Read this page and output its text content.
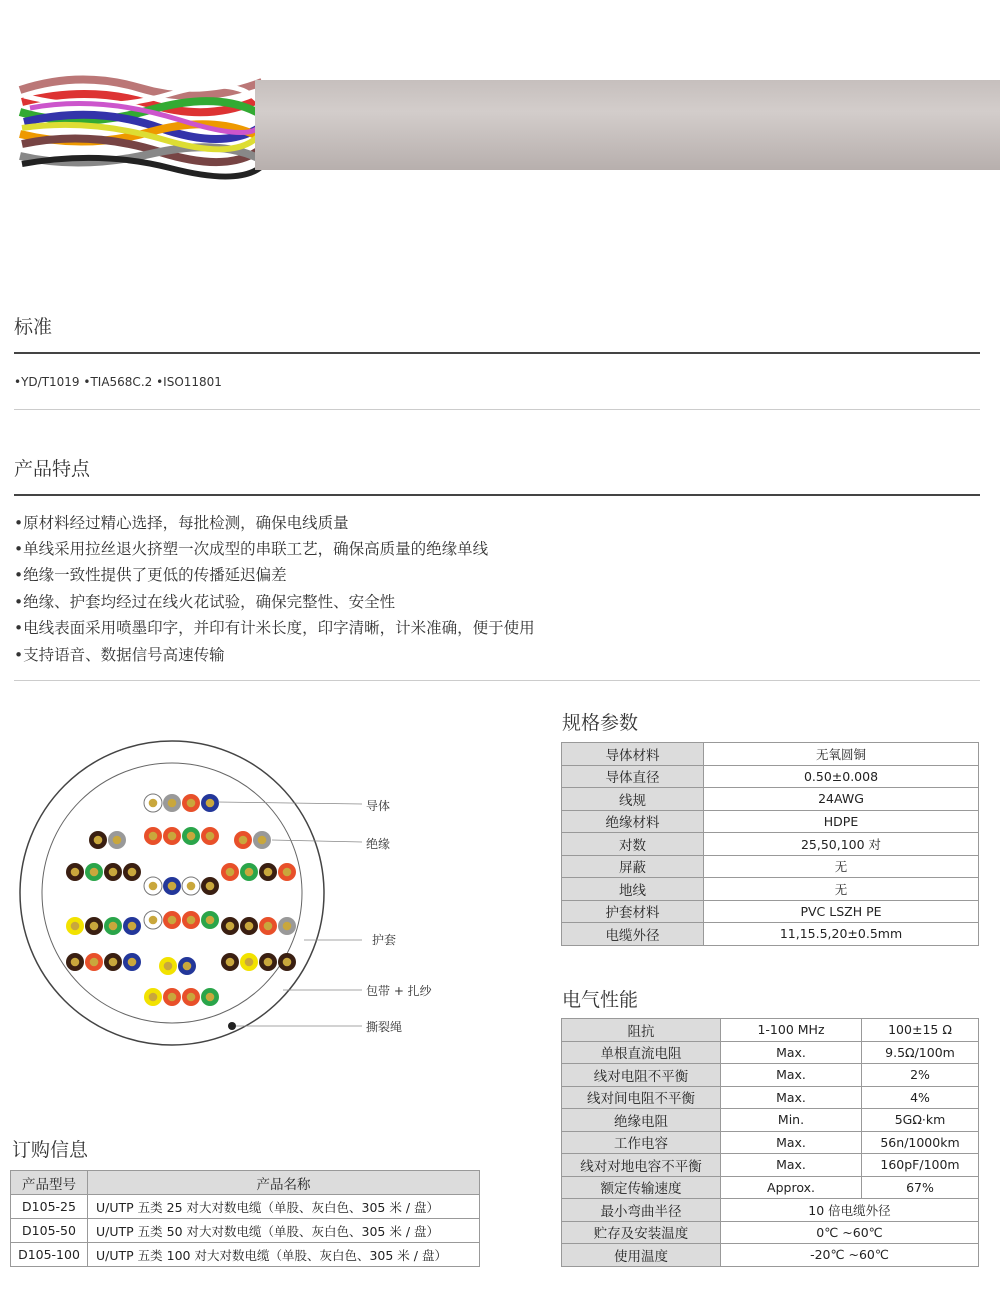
标准
•YD/T1019 •TIA568C.2 •ISO11801
产品特点
•原材料经过精心选择，每批检测，确保电线质量
•单线采用拉丝退火挤塑一次成型的串联工艺，确保高质量的绝缘单线
•绝缘一致性提供了更低的传播延迟偏差
•绝缘、护套均经过在线火花试验，确保完整性、安全性
•电线表面采用喷墨印字，并印有计米长度，印字清晰，计米准确，便于使用
•支持语音、数据信号高速传输
导体
绝缘
护套
包带 + 扎纱
撕裂绳
规格参数
导体材料	无氧圆铜
导体直径	0.50±0.008
线规	24AWG
绝缘材料	HDPE
对数	25,50,100 对
屏蔽	无
地线	无
护套材料	PVC LSZH PE
电缆外径	11,15.5,20±0.5mm
电气性能
阻抗	1-100 MHz	100±15 Ω
单根直流电阻	Max.	9.5Ω/100m
线对电阻不平衡	Max.	2%
线对间电阻不平衡	Max.	4%
绝缘电阻	Min.	5GΩ·km
工作电容	Max.	56n/1000km
线对对地电容不平衡	Max.	160pF/100m
额定传输速度	Approx.	67%
最小弯曲半径	10 倍电缆外径	
贮存及安装温度	0℃ ~60℃	
使用温度	-20℃ ~60℃	
订购信息
产品型号	产品名称
D105-25	U/UTP 五类 25 对大对数电缆（单股、灰白色、305 米 / 盘）
D105-50	U/UTP 五类 50 对大对数电缆（单股、灰白色、305 米 / 盘）
D105-100	U/UTP 五类 100 对大对数电缆（单股、灰白色、305 米 / 盘）
